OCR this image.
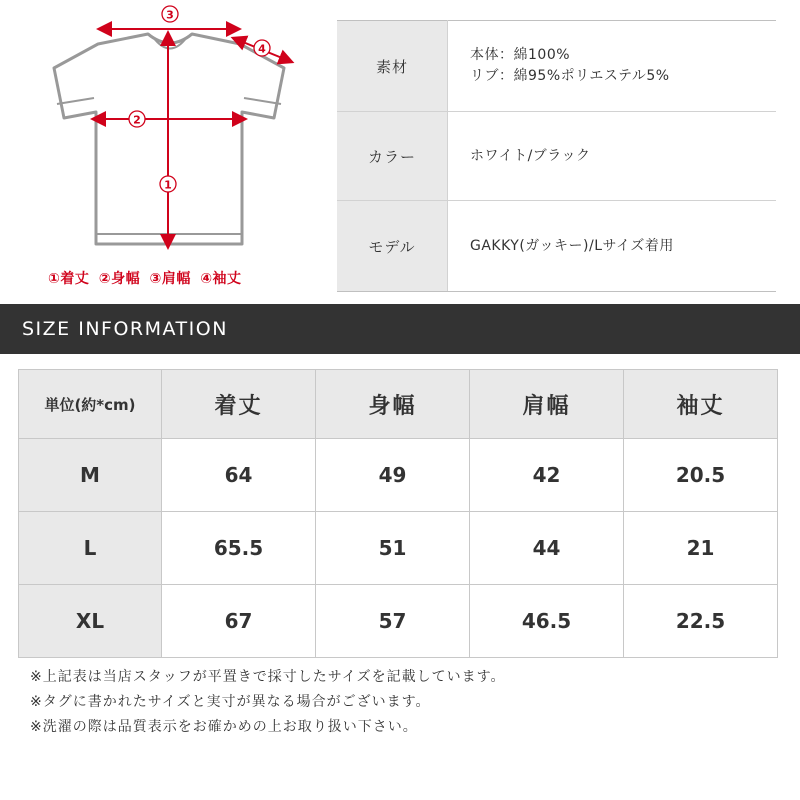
3
4
1
2
①着丈 ②身幅 ③肩幅 ④袖丈
素材	本体：綿100%
リブ：綿95%ポリエステル5%

カラー	ホワイト/ブラック

モデル	GAKKY(ガッキー)/Lサイズ着用
SIZE INFORMATION
単位(約*cm)	着丈	身幅	肩幅	袖丈
M	64	49	42	20.5
L	65.5	51	44	21
XL	67	57	46.5	22.5

※上記表は当店スタッフが平置きで採寸したサイズを記載しています。

※タグに書かれたサイズと実寸が異なる場合がございます。

※洗濯の際は品質表示をお確かめの上お取り扱い下さい。
